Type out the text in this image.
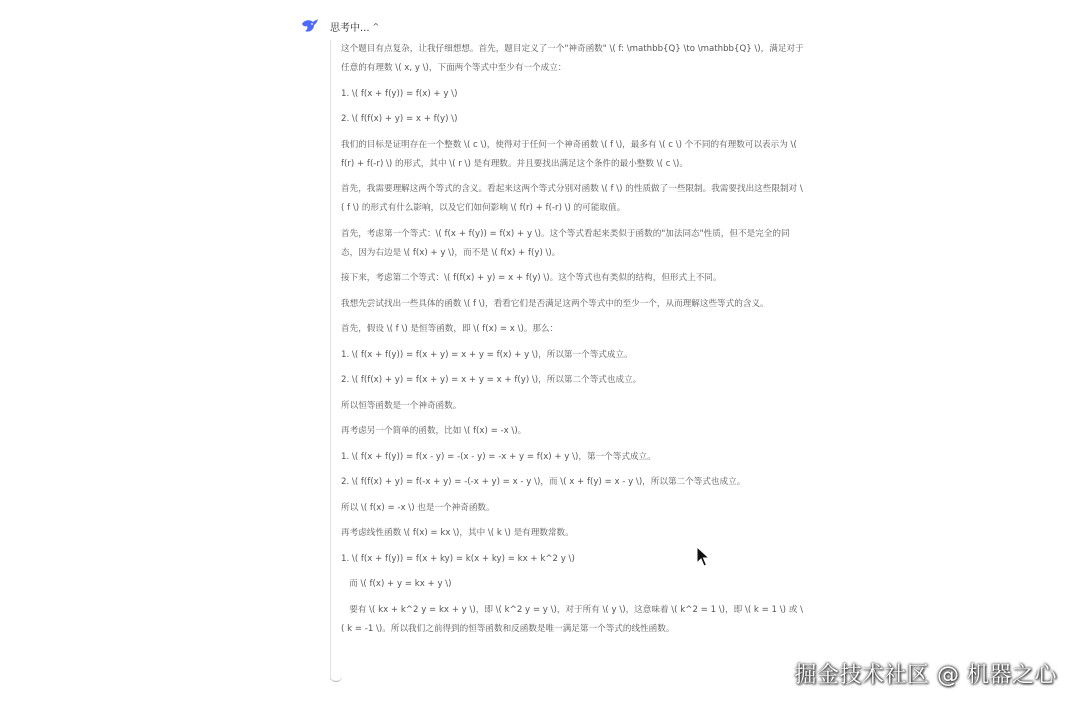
思考中... ^
这个题目有点复杂，让我仔细想想。首先，题目定义了一个"神奇函数" \( f: \mathbb{Q} \to \mathbb{Q} \)，满足对于任意的有理数 \( x, y \)，下面两个等式中至少有一个成立：
1. \( f(x + f(y)) = f(x) + y \)
2. \( f(f(x) + y) = x + f(y) \)
我们的目标是证明存在一个整数 \( c \)，使得对于任何一个神奇函数 \( f \)，最多有 \( c \) 个不同的有理数可以表示为 \( f(r) + f(-r) \) 的形式，其中 \( r \) 是有理数。并且要找出满足这个条件的最小整数 \( c \)。
首先，我需要理解这两个等式的含义。看起来这两个等式分别对函数 \( f \) 的性质做了一些限制。我需要找出这些限制对 \( f \) 的形式有什么影响，以及它们如何影响 \( f(r) + f(-r) \) 的可能取值。
首先，考虑第一个等式：\( f(x + f(y)) = f(x) + y \)。这个等式看起来类似于函数的"加法同态"性质，但不是完全的同态，因为右边是 \( f(x) + y \)，而不是 \( f(x) + f(y) \)。
接下来，考虑第二个等式：\( f(f(x) + y) = x + f(y) \)。这个等式也有类似的结构，但形式上不同。
我想先尝试找出一些具体的函数 \( f \)，看看它们是否满足这两个等式中的至少一个，从而理解这些等式的含义。
首先，假设 \( f \) 是恒等函数，即 \( f(x) = x \)。那么：
1. \( f(x + f(y)) = f(x + y) = x + y = f(x) + y \)，所以第一个等式成立。
2. \( f(f(x) + y) = f(x + y) = x + y = x + f(y) \)，所以第二个等式也成立。
所以恒等函数是一个神奇函数。
再考虑另一个简单的函数，比如 \( f(x) = -x \)。
1. \( f(x + f(y)) = f(x - y) = -(x - y) = -x + y = f(x) + y \)，第一个等式成立。
2. \( f(f(x) + y) = f(-x + y) = -(-x + y) = x - y \)，而 \( x + f(y) = x - y \)，所以第二个等式也成立。
所以 \( f(x) = -x \) 也是一个神奇函数。
再考虑线性函数 \( f(x) = kx \)，其中 \( k \) 是有理数常数。
1. \( f(x + f(y)) = f(x + ky) = k(x + ky) = kx + k^2 y \)
而 \( f(x) + y = kx + y \)
要有 \( kx + k^2 y = kx + y \)，即 \( k^2 y = y \)，对于所有 \( y \)，这意味着 \( k^2 = 1 \)，即 \( k = 1 \) 或 \( k = -1 \)。所以我们之前得到的恒等函数和反函数是唯一满足第一个等式的线性函数。
掘金技术社区 @ 机器之心
